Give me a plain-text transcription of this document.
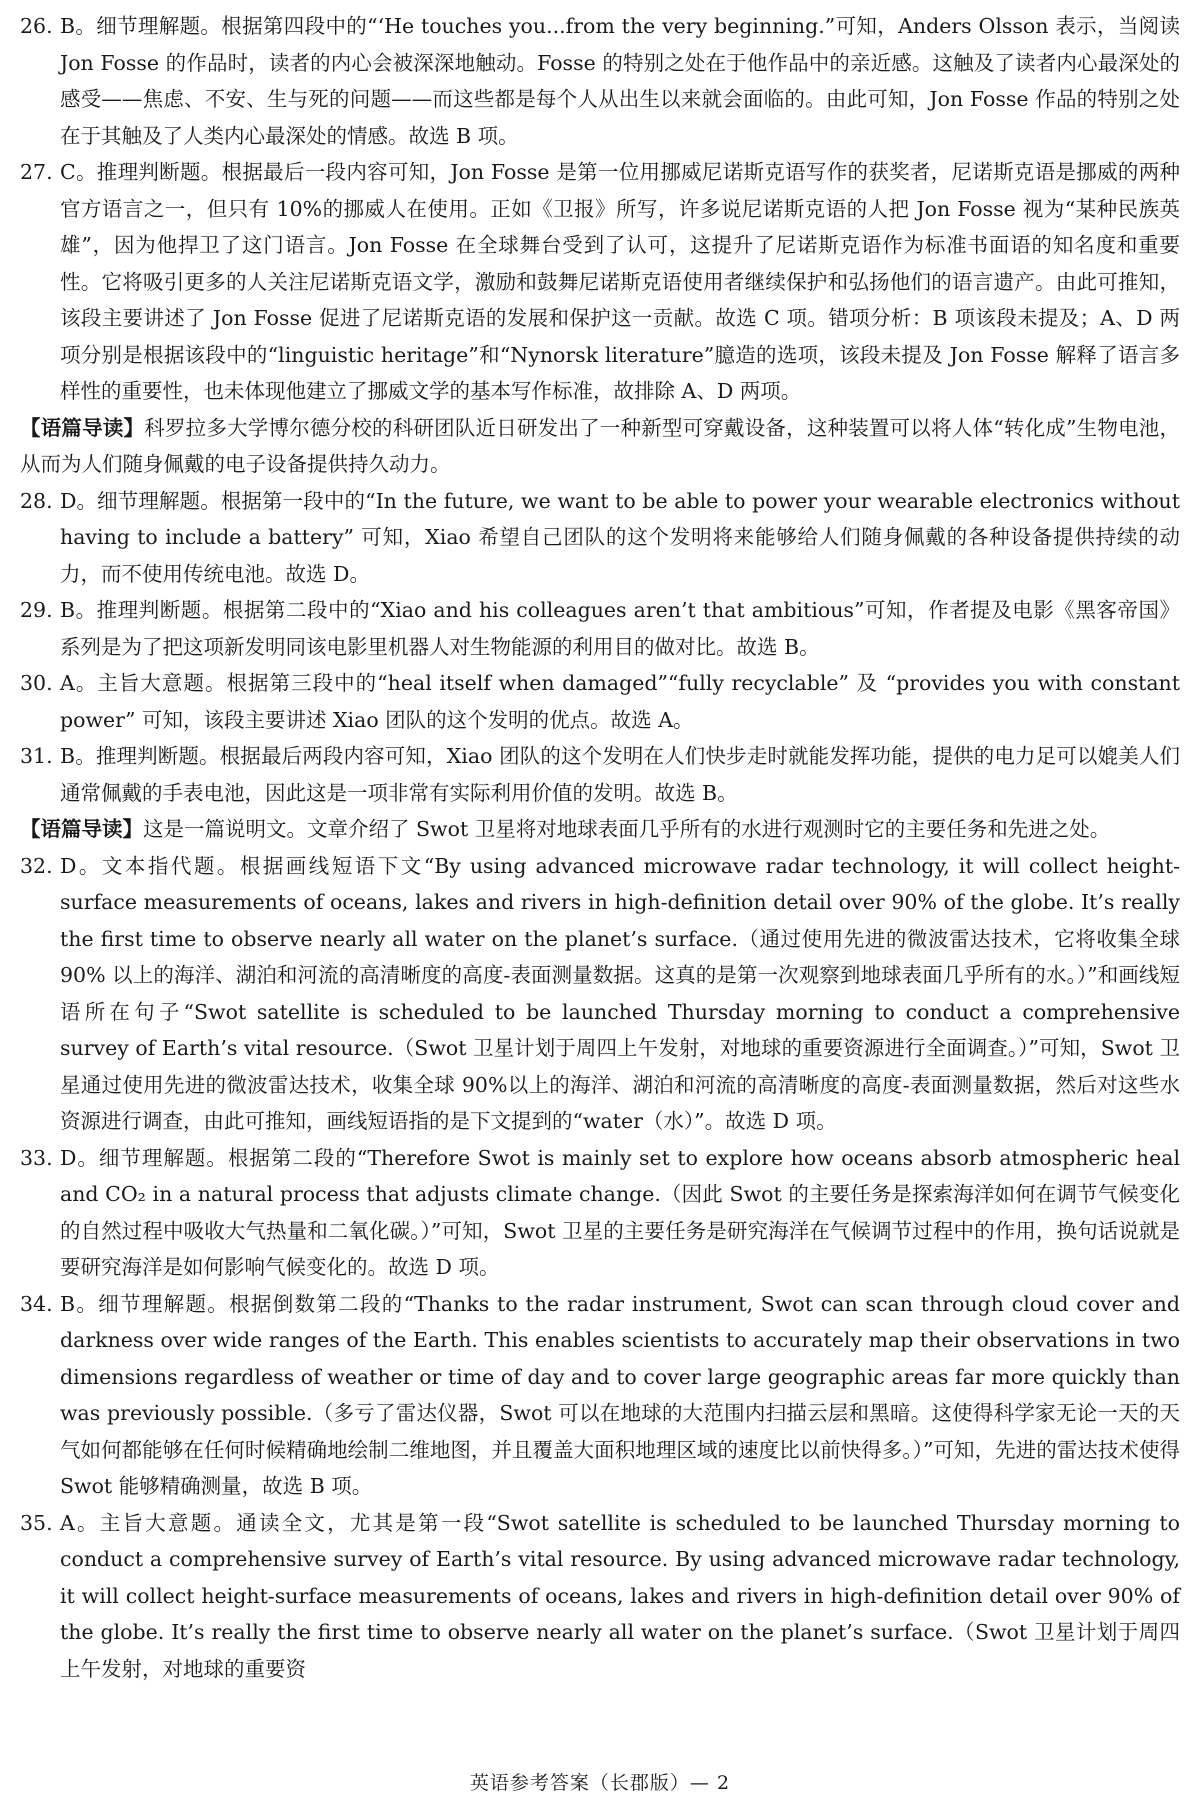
26. B。细节理解题。根据第四段中的“‘He touches you...from the very beginning.”可知，Anders Olsson 表示，当阅读 Jon Fosse 的作品时，读者的内心会被深深地触动。Fosse 的特别之处在于他作品中的亲近感。这触及了读者内心最深处的感受——焦虑、不安、生与死的问题——而这些都是每个人从出生以来就会面临的。由此可知，Jon Fosse 作品的特别之处在于其触及了人类内心最深处的情感。故选 B 项。
27. C。推理判断题。根据最后一段内容可知，Jon Fosse 是第一位用挪威尼诺斯克语写作的获奖者，尼诺斯克语是挪威的两种官方语言之一，但只有 10%的挪威人在使用。正如《卫报》所写，许多说尼诺斯克语的人把 Jon Fosse 视为“某种民族英雄”，因为他捍卫了这门语言。Jon Fosse 在全球舞台受到了认可，这提升了尼诺斯克语作为标准书面语的知名度和重要性。它将吸引更多的人关注尼诺斯克语文学，激励和鼓舞尼诺斯克语使用者继续保护和弘扬他们的语言遗产。由此可推知，该段主要讲述了 Jon Fosse 促进了尼诺斯克语的发展和保护这一贡献。故选 C 项。错项分析：B 项该段未提及；A、D 两项分别是根据该段中的“linguistic heritage”和“Nynorsk literature”臆造的选项，该段未提及 Jon Fosse 解释了语言多样性的重要性，也未体现他建立了挪威文学的基本写作标准，故排除 A、D 两项。

【语篇导读】科罗拉多大学博尔德分校的科研团队近日研发出了一种新型可穿戴设备，这种装置可以将人体“转化成”生物电池，从而为人们随身佩戴的电子设备提供持久动力。

28. D。细节理解题。根据第一段中的“In the future, we want to be able to power your wearable electronics without having to include a battery” 可知，Xiao 希望自己团队的这个发明将来能够给人们随身佩戴的各种设备提供持续的动力，而不使用传统电池。故选 D。
29. B。推理判断题。根据第二段中的“Xiao and his colleagues aren’t that ambitious”可知，作者提及电影《黑客帝国》系列是为了把这项新发明同该电影里机器人对生物能源的利用目的做对比。故选 B。
30. A。主旨大意题。根据第三段中的“heal itself when damaged”“fully recyclable” 及 “provides you with constant power” 可知，该段主要讲述 Xiao 团队的这个发明的优点。故选 A。
31. B。推理判断题。根据最后两段内容可知，Xiao 团队的这个发明在人们快步走时就能发挥功能，提供的电力足可以媲美人们通常佩戴的手表电池，因此这是一项非常有实际利用价值的发明。故选 B。

【语篇导读】这是一篇说明文。文章介绍了 Swot 卫星将对地球表面几乎所有的水进行观测时它的主要任务和先进之处。

32. D。文本指代题。根据画线短语下文“By using advanced microwave radar technology, it will collect height-surface measurements of oceans, lakes and rivers in high-definition detail over 90% of the globe. It’s really the first time to observe nearly all water on the planet’s surface.（通过使用先进的微波雷达技术，它将收集全球 90% 以上的海洋、湖泊和河流的高清晰度的高度-表面测量数据。这真的是第一次观察到地球表面几乎所有的水。）”和画线短语所在句子“Swot satellite is scheduled to be launched Thursday morning to conduct a comprehensive survey of Earth’s vital resource.（Swot 卫星计划于周四上午发射，对地球的重要资源进行全面调查。）”可知，Swot 卫星通过使用先进的微波雷达技术，收集全球 90%以上的海洋、湖泊和河流的高清晰度的高度-表面测量数据，然后对这些水资源进行调查，由此可推知，画线短语指的是下文提到的“water（水）”。故选 D 项。
33. D。细节理解题。根据第二段的“Therefore Swot is mainly set to explore how oceans absorb atmospheric heal and CO₂ in a natural process that adjusts climate change.（因此 Swot 的主要任务是探索海洋如何在调节气候变化的自然过程中吸收大气热量和二氧化碳。）”可知，Swot 卫星的主要任务是研究海洋在气候调节过程中的作用，换句话说就是要研究海洋是如何影响气候变化的。故选 D 项。
34. B。细节理解题。根据倒数第二段的“Thanks to the radar instrument, Swot can scan through cloud cover and darkness over wide ranges of the Earth. This enables scientists to accurately map their observations in two dimensions regardless of weather or time of day and to cover large geographic areas far more quickly than was previously possible.（多亏了雷达仪器，Swot 可以在地球的大范围内扫描云层和黑暗。这使得科学家无论一天的天气如何都能够在任何时候精确地绘制二维地图，并且覆盖大面积地理区域的速度比以前快得多。）”可知，先进的雷达技术使得 Swot 能够精确测量，故选 B 项。
35. A。主旨大意题。通读全文，尤其是第一段“Swot satellite is scheduled to be launched Thursday morning to conduct a comprehensive survey of Earth’s vital resource. By using advanced microwave radar technology, it will collect height-surface measurements of oceans, lakes and rivers in high-definition detail over 90% of the globe. It’s really the first time to observe nearly all water on the planet’s surface.（Swot 卫星计划于周四上午发射，对地球的重要资
英语参考答案（长郡版）— 2
